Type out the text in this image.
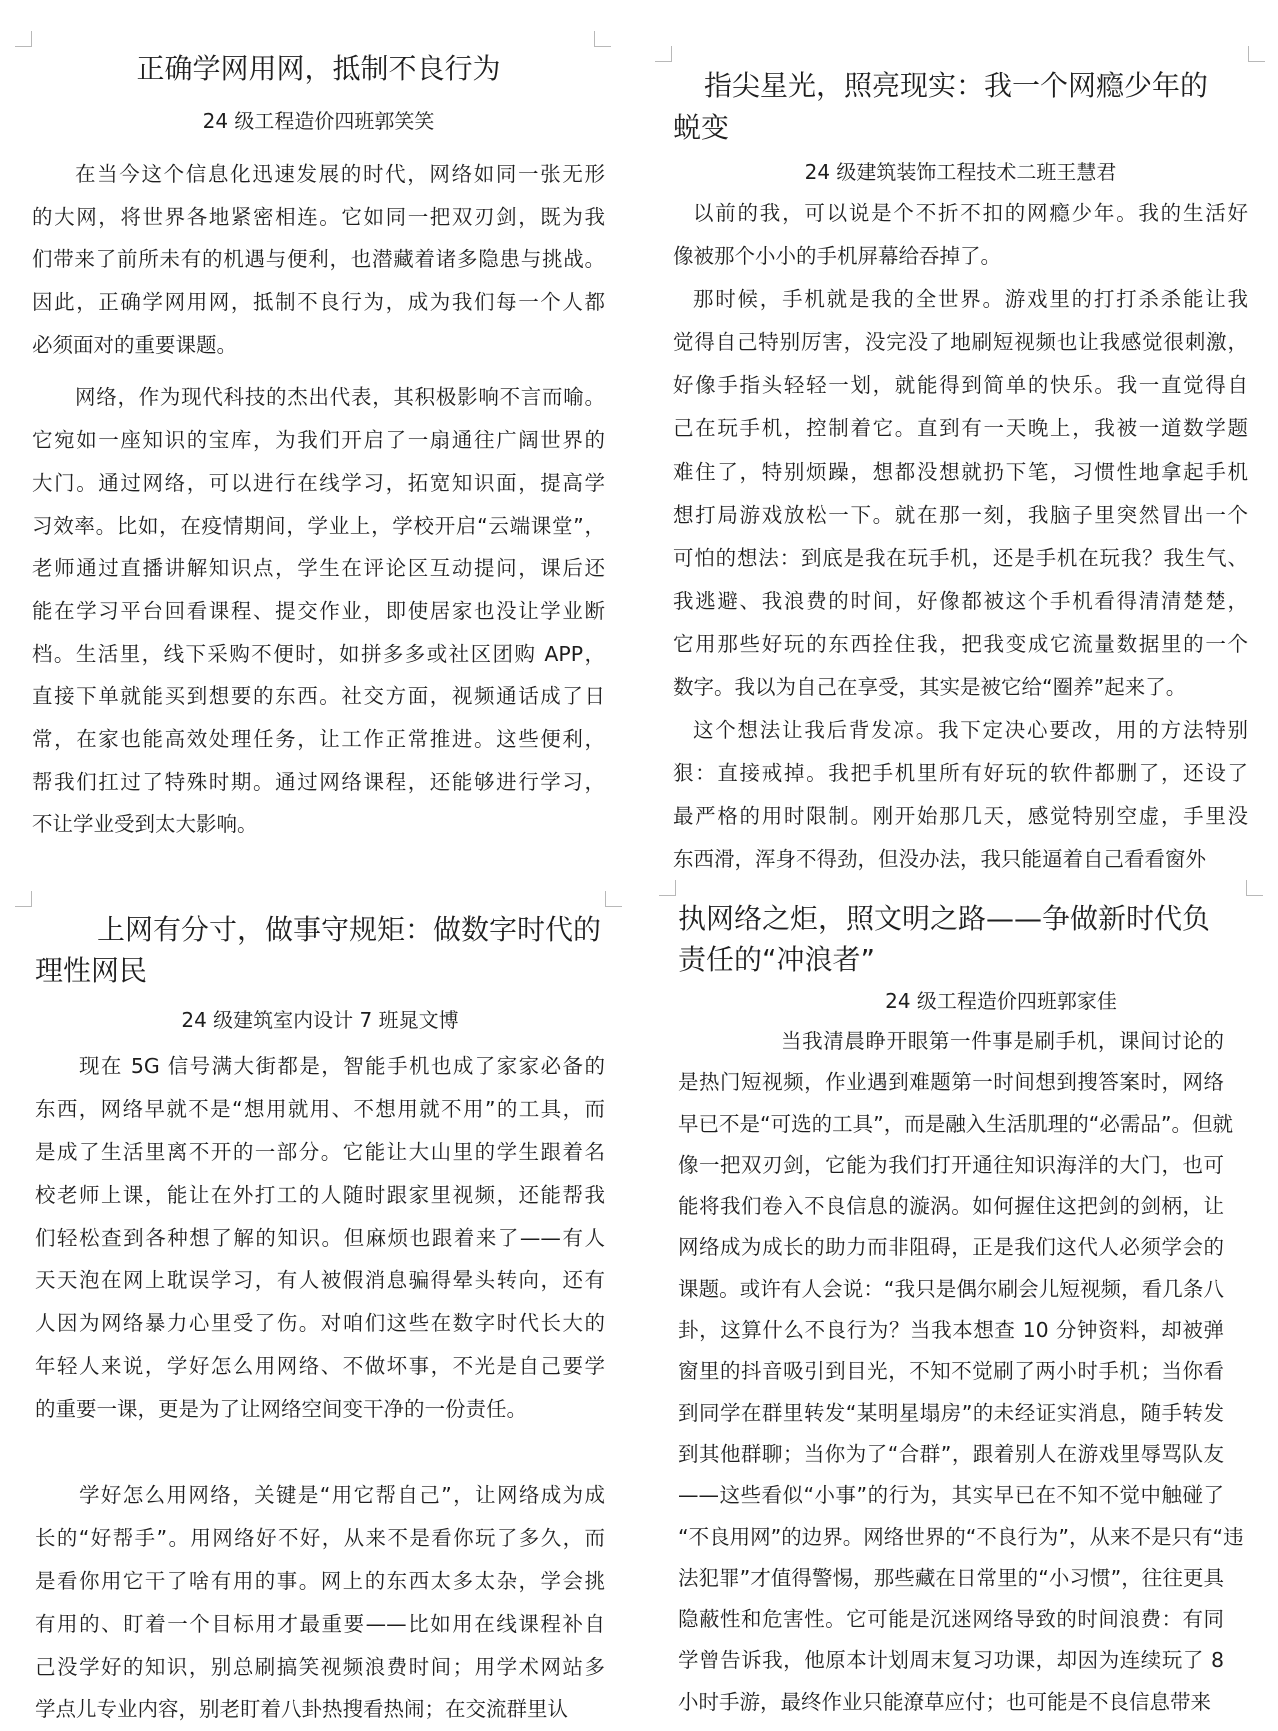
正确学网用网，抵制不良行为
24 级工程造价四班郭笑笑
在当今这个信息化迅速发展的时代，网络如同一张无形
的大网，将世界各地紧密相连。它如同一把双刃剑，既为我
们带来了前所未有的机遇与便利，也潜藏着诸多隐患与挑战。
因此，正确学网用网，抵制不良行为，成为我们每一个人都
必须面对的重要课题。
网络，作为现代科技的杰出代表，其积极影响不言而喻。
它宛如一座知识的宝库，为我们开启了一扇通往广阔世界的
大门。通过网络，可以进行在线学习，拓宽知识面，提高学
习效率。比如，在疫情期间，学业上，学校开启“云端课堂”，
老师通过直播讲解知识点，学生在评论区互动提问，课后还
能在学习平台回看课程、提交作业，即使居家也没让学业断
档。生活里，线下采购不便时，如拼多多或社区团购 APP，
直接下单就能买到想要的东西。社交方面，视频通话成了日
常，在家也能高效处理任务，让工作正常推进。这些便利，
帮我们扛过了特殊时期。通过网络课程，还能够进行学习，
不让学业受到太大影响。
指尖星光，照亮现实：我一个网瘾少年的
蜕变
24 级建筑装饰工程技术二班王慧君
以前的我，可以说是个不折不扣的网瘾少年。我的生活好
像被那个小小的手机屏幕给吞掉了。
那时候，手机就是我的全世界。游戏里的打打杀杀能让我
觉得自己特别厉害，没完没了地刷短视频也让我感觉很刺激，
好像手指头轻轻一划，就能得到简单的快乐。我一直觉得自
己在玩手机，控制着它。直到有一天晚上，我被一道数学题
难住了，特别烦躁，想都没想就扔下笔，习惯性地拿起手机
想打局游戏放松一下。就在那一刻，我脑子里突然冒出一个
可怕的想法：到底是我在玩手机，还是手机在玩我？我生气、
我逃避、我浪费的时间，好像都被这个手机看得清清楚楚，
它用那些好玩的东西拴住我，把我变成它流量数据里的一个
数字。我以为自己在享受，其实是被它给“圈养”起来了。
这个想法让我后背发凉。我下定决心要改，用的方法特别
狠：直接戒掉。我把手机里所有好玩的软件都删了，还设了
最严格的用时限制。刚开始那几天，感觉特别空虚，手里没
东西滑，浑身不得劲，但没办法，我只能逼着自己看看窗外
上网有分寸，做事守规矩：做数字时代的
理性网民
24 级建筑室内设计 7 班晁文博
现在 5G 信号满大街都是，智能手机也成了家家必备的
东西，网络早就不是“想用就用、不想用就不用”的工具，而
是成了生活里离不开的一部分。它能让大山里的学生跟着名
校老师上课，能让在外打工的人随时跟家里视频，还能帮我
们轻松查到各种想了解的知识。但麻烦也跟着来了——有人
天天泡在网上耽误学习，有人被假消息骗得晕头转向，还有
人因为网络暴力心里受了伤。对咱们这些在数字时代长大的
年轻人来说，学好怎么用网络、不做坏事，不光是自己要学
的重要一课，更是为了让网络空间变干净的一份责任。
学好怎么用网络，关键是“用它帮自己”，让网络成为成
长的“好帮手”。用网络好不好，从来不是看你玩了多久，而
是看你用它干了啥有用的事。网上的东西太多太杂，学会挑
有用的、盯着一个目标用才最重要——比如用在线课程补自
己没学好的知识，别总刷搞笑视频浪费时间；用学术网站多
学点儿专业内容，别老盯着八卦热搜看热闹；在交流群里认
执网络之炬，照文明之路——争做新时代负
责任的“冲浪者”
24 级工程造价四班郭家佳
当我清晨睁开眼第一件事是刷手机，课间讨论的
是热门短视频，作业遇到难题第一时间想到搜答案时，网络
早已不是“可选的工具”，而是融入生活肌理的“必需品”。但就
像一把双刃剑，它能为我们打开通往知识海洋的大门，也可
能将我们卷入不良信息的漩涡。如何握住这把剑的剑柄，让
网络成为成长的助力而非阻碍，正是我们这代人必须学会的
课题。或许有人会说：“我只是偶尔刷会儿短视频，看几条八
卦，这算什么不良行为？当我本想查 10 分钟资料，却被弹
窗里的抖音吸引到目光，不知不觉刷了两小时手机；当你看
到同学在群里转发“某明星塌房”的未经证实消息，随手转发
到其他群聊；当你为了“合群”，跟着别人在游戏里辱骂队友
——这些看似“小事”的行为，其实早已在不知不觉中触碰了
“不良用网”的边界。网络世界的“不良行为”，从来不是只有“违
法犯罪”才值得警惕，那些藏在日常里的“小习惯”，往往更具
隐蔽性和危害性。它可能是沉迷网络导致的时间浪费：有同
学曾告诉我，他原本计划周末复习功课，却因为连续玩了 8
小时手游，最终作业只能潦草应付；也可能是不良信息带来
